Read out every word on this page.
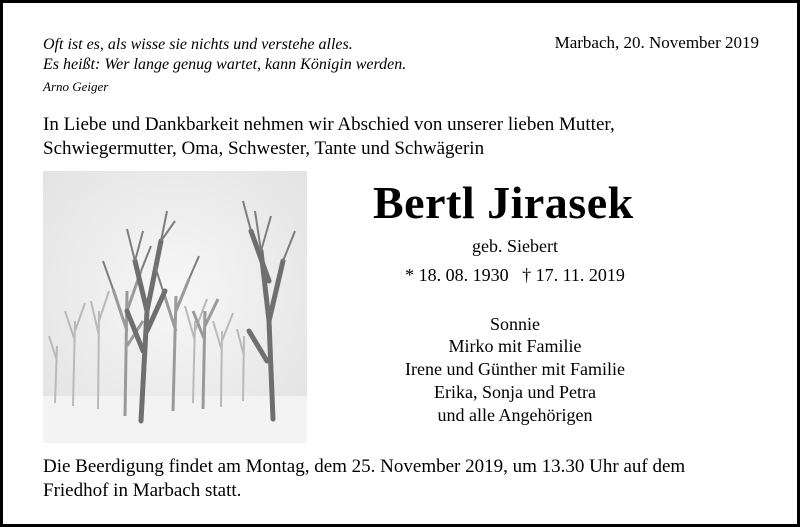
Oft ist es, als wisse sie nichts und verstehe alles.
Es heißt: Wer lange genug wartet, kann Königin werden.
Arno Geiger
Marbach, 20. November 2019
In Liebe und Dankbarkeit nehmen wir Abschied von unserer lieben Mutter,
Schwiegermutter, Oma, Schwester, Tante und Schwägerin
Bertl Jirasek
geb. Siebert
* 18. 08. 1930 † 17. 11. 2019
Sonnie
Mirko mit Familie
Irene und Günther mit Familie
Erika, Sonja und Petra
und alle Angehörigen
Die Beerdigung findet am Montag, dem 25. November 2019, um 13.30 Uhr auf dem
Friedhof in Marbach statt.
